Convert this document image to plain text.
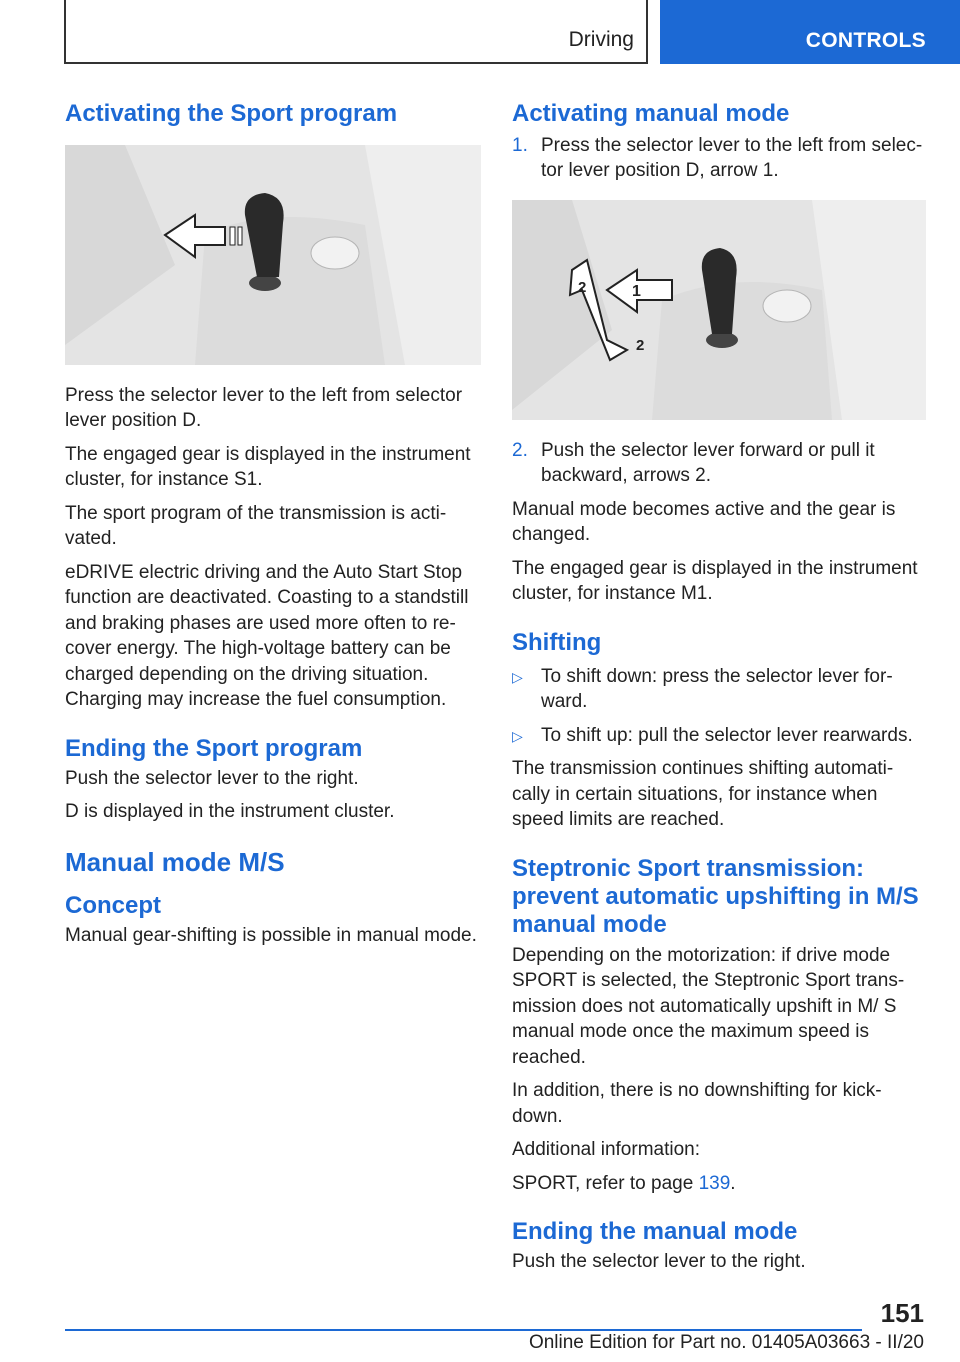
Driving	CONTROLS
Activating the Sport program

Press the selector lever to the left from selector lever position D.

The engaged gear is displayed in the instrument cluster, for instance S1.

The sport program of the transmission is acti‐vated.

eDRIVE electric driving and the Auto Start Stop function are deactivated. Coasting to a standstill and braking phases are used more often to re‐cover energy. The high-voltage battery can be charged depending on the driving situation. Charging may increase the fuel consumption.

Ending the Sport program

Push the selector lever to the right.

D is displayed in the instrument cluster.

Manual mode M/S
Concept

Manual gear-shifting is possible in manual mode.

Activating manual mode
1. Press the selector lever to the left from selec‐tor lever position D, arrow 1.
1
2
2
2. Push the selector lever forward or pull it backward, arrows 2.

Manual mode becomes active and the gear is changed.

The engaged gear is displayed in the instrument cluster, for instance M1.

Shifting
▷ To shift down: press the selector lever for‐ward.
▷ To shift up: pull the selector lever rearwards.

The transmission continues shifting automati‐cally in certain situations, for instance when speed limits are reached.

Steptronic Sport transmission: prevent automatic upshifting in M/S manual mode

Depending on the motorization: if drive mode SPORT is selected, the Steptronic Sport trans‐mission does not automatically upshift in M/ S manual mode once the maximum speed is reached.

In addition, there is no downshifting for kick‐down.

Additional information:

SPORT, refer to page 139.

Ending the manual mode

Push the selector lever to the right.

151
Online Edition for Part no. 01405A03663 - II/20
